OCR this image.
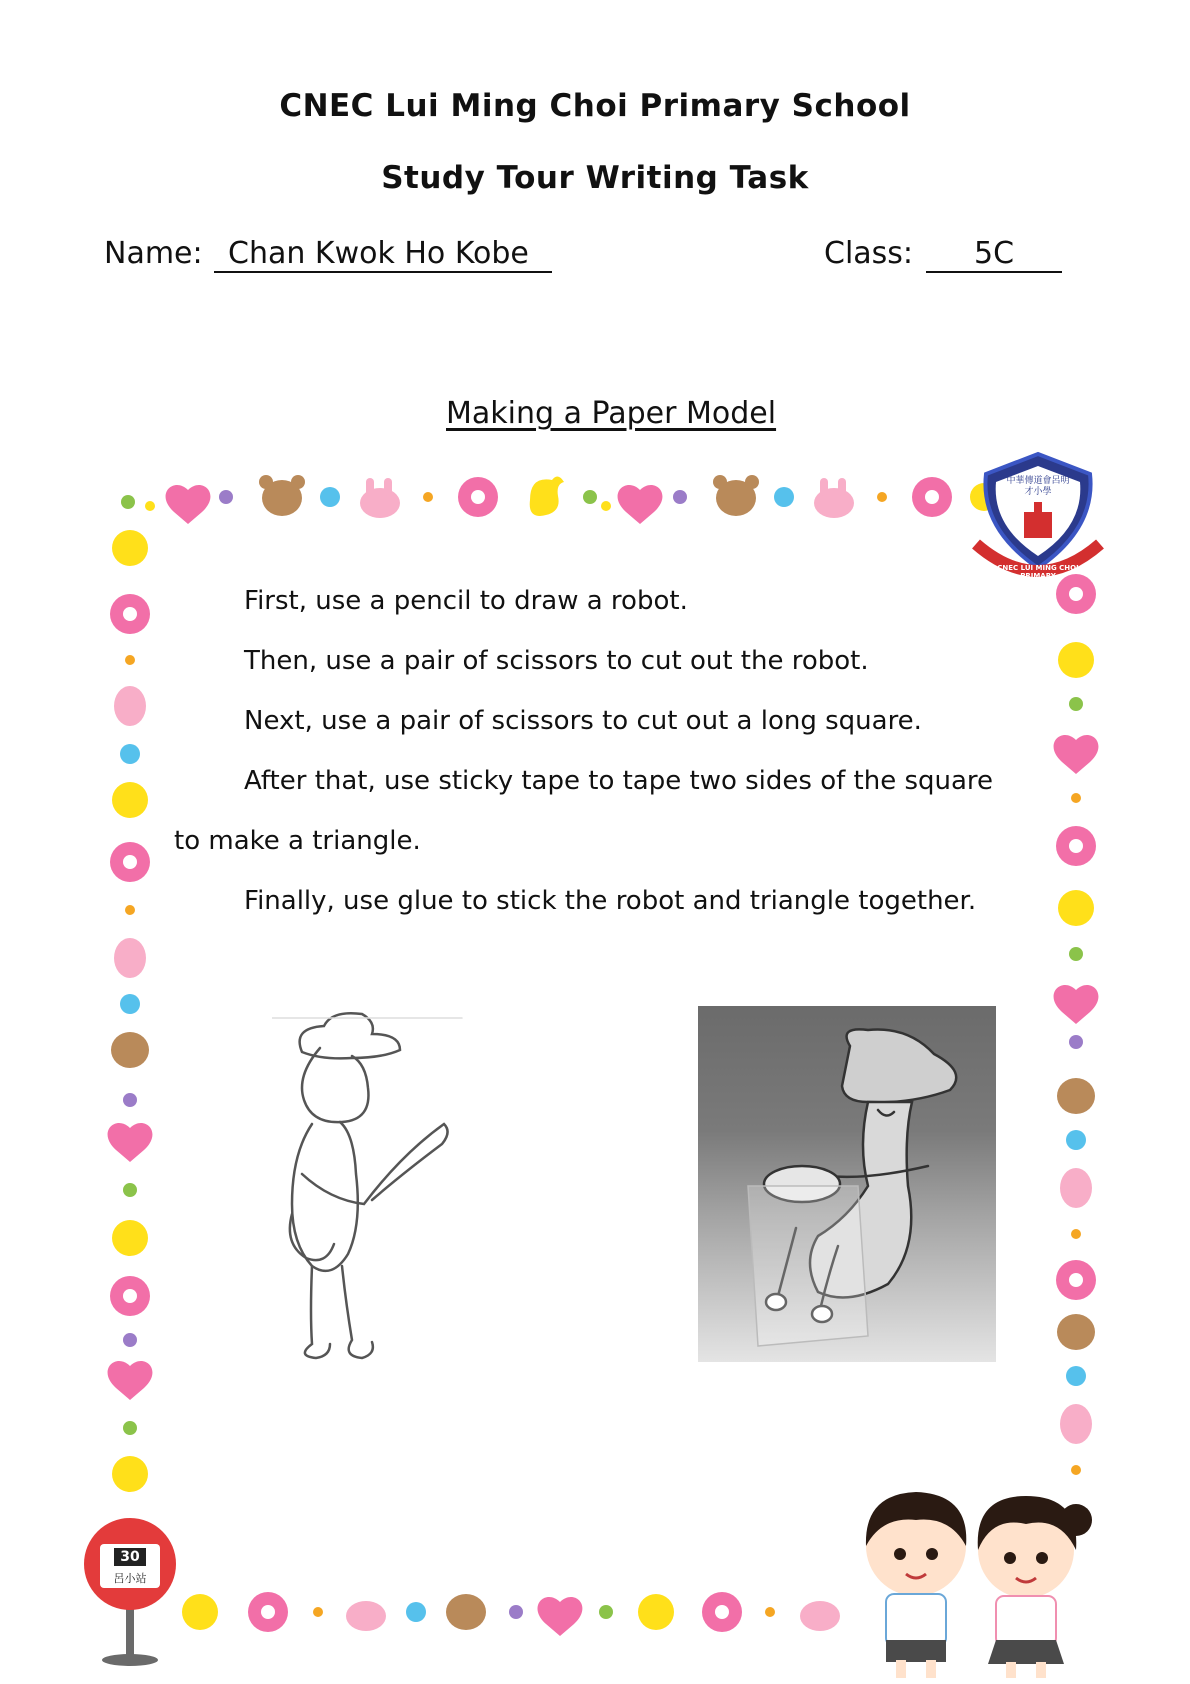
CNEC Lui Ming Choi Primary School
Study Tour Writing Task
Name: Chan Kwok Ho Kobe	Class:	5C
Making a Paper Model
First, use a pencil to draw a robot.
Then, use a pair of scissors to cut out the robot.
Next, use a pair of scissors to cut out a long square.
After that, use sticky tape to tape two sides of the square
to make a triangle.
Finally, use glue to stick the robot and triangle together.
中華傳道會呂明才小學
CNEC LUI MING CHOI PRIMARY
30
呂小站
